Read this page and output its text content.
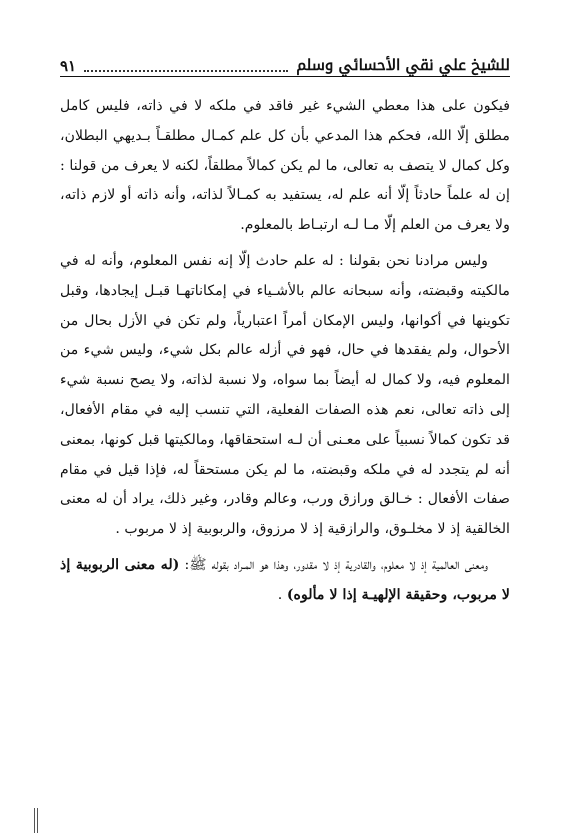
للشيخ علي نقي الأحسائي ﷸ
٩١

فيكون على هذا معطي الشيء غير فاقد في ملكه لا في ذاته، فليس كامل مطلق إلّا الله، فحكم هذا المدعي بأن كل علم كمـال مطلقـاً بـديهي البطلان، وكل كمال لا يتصف به تعالى، ما لم يكن كمالاً مطلقاً، لكنه لا يعرف من قولنا : إن له علماً حادثاً إلّا أنه علم له، يستفيد به كمـالاً لذاته، وأنه ذاته أو لازم ذاته، ولا يعرف من العلم إلّا مـا لـه ارتبـاط بالمعلوم.

وليس مرادنا نحن بقولنا : له علم حادث إلّا إنه نفس المعلوم، وأنه له في مالكيته وقبضته، وأنه سبحانه عالم بالأشـياء في إمكاناتهـا قبـل إيجادها، وقبل تكوينها في أكوانها، وليس الإمكان أمراً اعتبارياً، ولم تكن في الأزل بحال من الأحوال، ولم يفقدها في حال، فهو في أزله عالم بكل شيء، وليس شيء من المعلوم فيه، ولا كمال له أيضاً بما سواه، ولا نسبة لذاته، ولا يصح نسبة شيء إلى ذاته تعالى، نعم هذه الصفات الفعلية، التي تنسب إليه في مقام الأفعال، قد تكون كمالاً نسبياً على معـنى أن لـه استحقاقها، ومالكيتها قبل كونها، بمعنى أنه لم يتجدد له في ملكه وقبضته، ما لم يكن مستحقاً له، فإذا قيل في مقام صفات الأفعال : خـالق ورازق ورب، وعالم وقادر، وغير ذلك، يراد أن له معنى الخالقية إذ لا مخلـوق، والرازقية إذ لا مرزوق، والربوبية إذ لا مربوب .

ومعنى العالمية إذ لا معلوم، والقادرية إذ لا مقدور، وهذا هو المـراد بقوله ﷺ: (له معنى الربوبية إذ لا مربوب، وحقيقة الإلهيـة إذا لا مألوه) .
